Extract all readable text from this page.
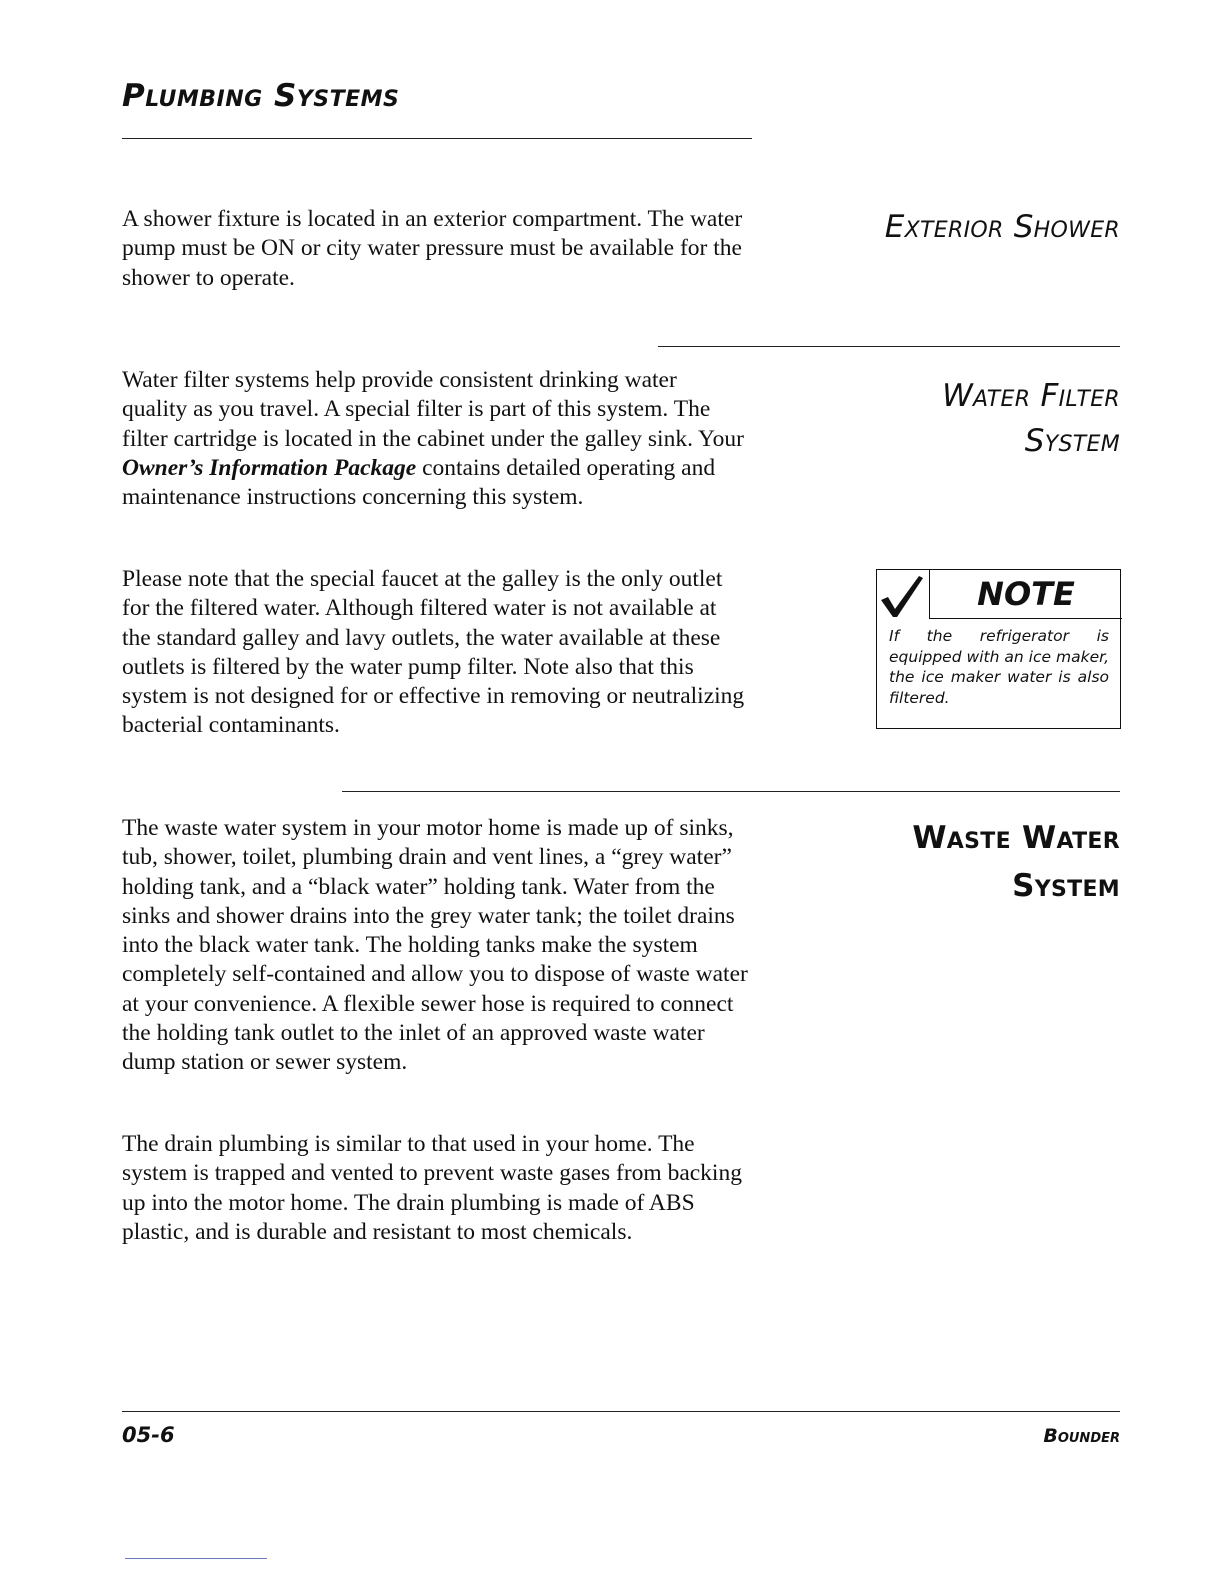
Plumbing Systems

A shower fixture is located in an exterior compartment. The water pump must be ON or city water pressure must be available for the shower to operate.

Exterior Shower

Water filter systems help provide consistent drinking water quality as you travel. A special filter is part of this system. The filter cartridge is located in the cabinet under the galley sink. Your Owner’s Information Package contains detailed operating and maintenance instructions concerning this system.

Water Filter
System

Please note that the special faucet at the galley is the only outlet for the filtered water. Although filtered water is not available at the standard galley and lavy outlets, the water available at these outlets is filtered by the water pump filter. Note also that this system is not designed for or effective in removing or neutralizing bacterial contaminants.

NOTE
If the refrigerator is equipped with an ice maker, the ice maker water is also filtered.

The waste water system in your motor home is made up of sinks, tub, shower, toilet, plumbing drain and vent lines, a “grey water” holding tank, and a “black water” holding tank. Water from the sinks and shower drains into the grey water tank; the toilet drains into the black water tank. The holding tanks make the system completely self-contained and allow you to dispose of waste water at your convenience. A flexible sewer hose is required to connect the holding tank outlet to the inlet of an approved waste water dump station or sewer system.

Waste Water
System

The drain plumbing is similar to that used in your home. The system is trapped and vented to prevent waste gases from backing up into the motor home. The drain plumbing is made of ABS plastic, and is durable and resistant to most chemicals.

05-6	Bounder
